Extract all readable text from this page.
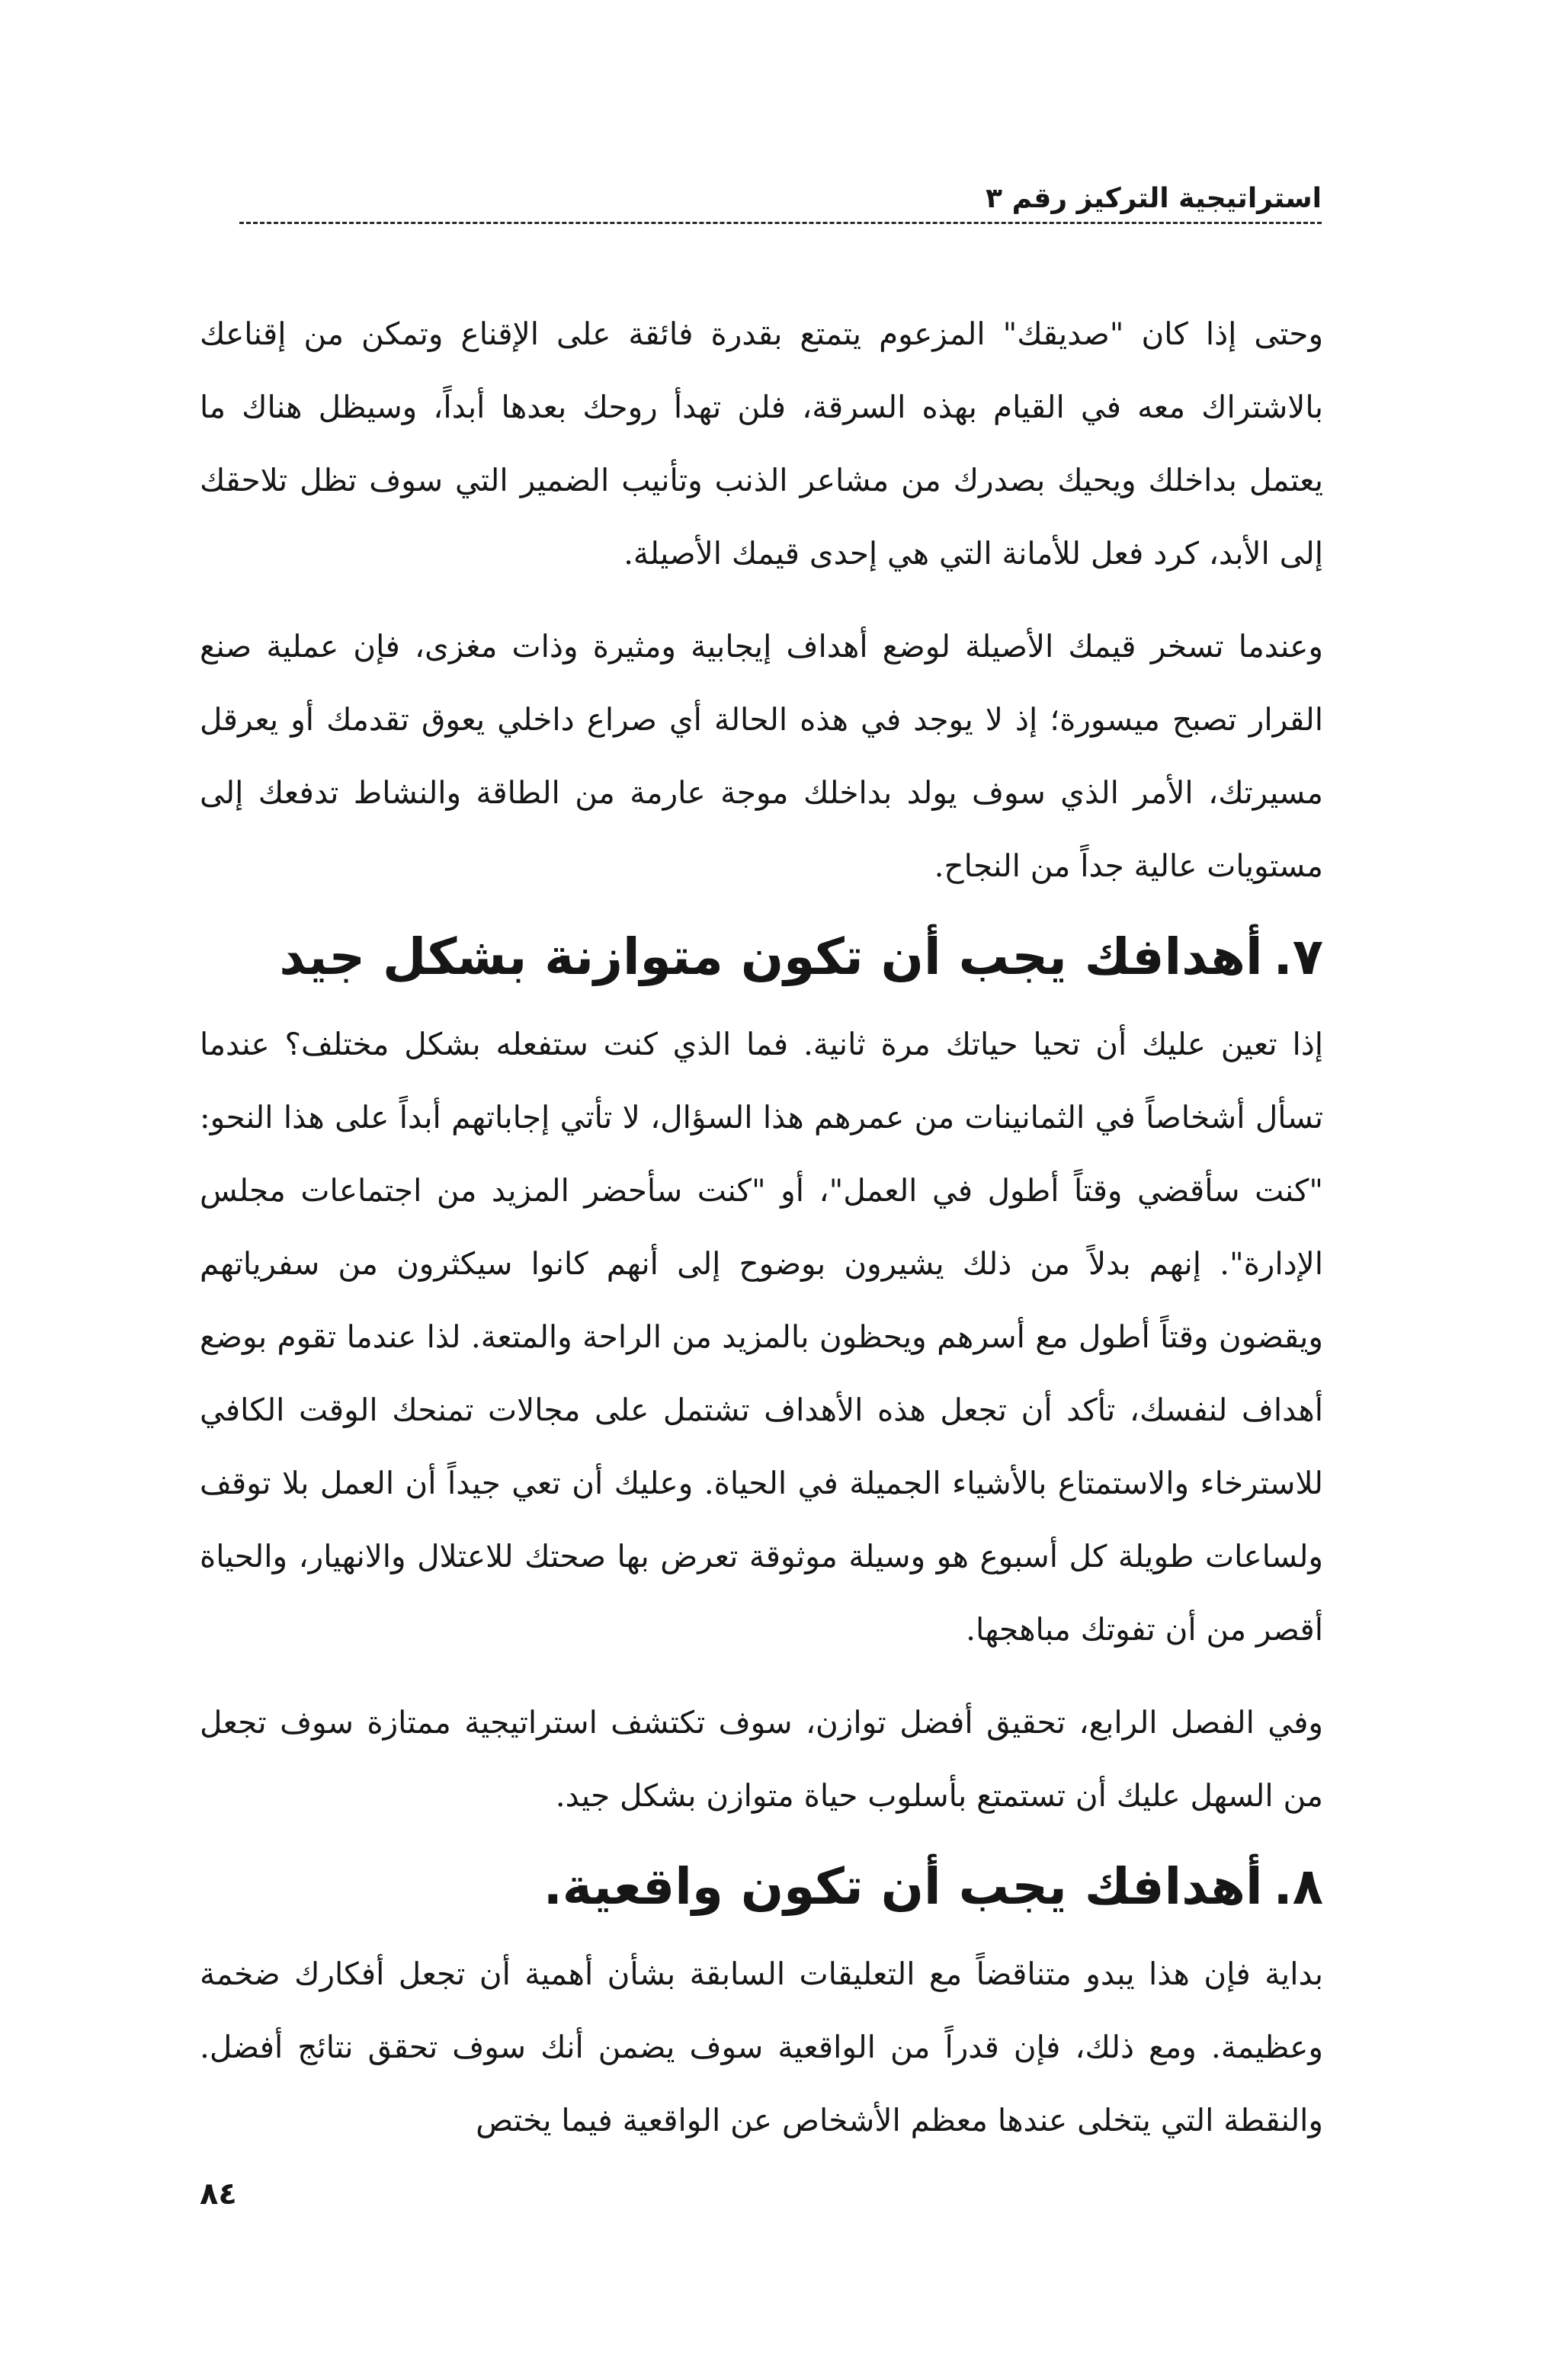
استراتيجية التركيز رقم ٣

وحتى إذا كان "صديقك" المزعوم يتمتع بقدرة فائقة على الإقناع وتمكن من إقناعك بالاشتراك معه في القيام بهذه السرقة، فلن تهدأ روحك بعدها أبداً، وسيظل هناك ما يعتمل بداخلك ويحيك بصدرك من مشاعر الذنب وتأنيب الضمير التي سوف تظل تلاحقك إلى الأبد، كرد فعل للأمانة التي هي إحدى قيمك الأصيلة.

وعندما تسخر قيمك الأصيلة لوضع أهداف إيجابية ومثيرة وذات مغزى، فإن عملية صنع القرار تصبح ميسورة؛ إذ لا يوجد في هذه الحالة أي صراع داخلي يعوق تقدمك أو يعرقل مسيرتك، الأمر الذي سوف يولد بداخلك موجة عارمة من الطاقة والنشاط تدفعك إلى مستويات عالية جداً من النجاح.

٧.أهدافك يجب أن تكون متوازنة بشكل جيد

إذا تعين عليك أن تحيا حياتك مرة ثانية. فما الذي كنت ستفعله بشكل مختلف؟ عندما تسأل أشخاصاً في الثمانينات من عمرهم هذا السؤال، لا تأتي إجاباتهم أبداً على هذا النحو: "كنت سأقضي وقتاً أطول في العمل"، أو "كنت سأحضر المزيد من اجتماعات مجلس الإدارة". إنهم بدلاً من ذلك يشيرون بوضوح إلى أنهم كانوا سيكثرون من سفرياتهم ويقضون وقتاً أطول مع أسرهم ويحظون بالمزيد من الراحة والمتعة. لذا عندما تقوم بوضع أهداف لنفسك، تأكد أن تجعل هذه الأهداف تشتمل على مجالات تمنحك الوقت الكافي للاسترخاء والاستمتاع بالأشياء الجميلة في الحياة. وعليك أن تعي جيداً أن العمل بلا توقف ولساعات طويلة كل أسبوع هو وسيلة موثوقة تعرض بها صحتك للاعتلال والانهيار، والحياة أقصر من أن تفوتك مباهجها.

وفي الفصل الرابع، تحقيق أفضل توازن، سوف تكتشف استراتيجية ممتازة سوف تجعل من السهل عليك أن تستمتع بأسلوب حياة متوازن بشكل جيد.

٨.أهدافك يجب أن تكون واقعية.

بداية فإن هذا يبدو متناقضاً مع التعليقات السابقة بشأن أهمية أن تجعل أفكارك ضخمة وعظيمة. ومع ذلك، فإن قدراً من الواقعية سوف يضمن أنك سوف تحقق نتائج أفضل. والنقطة التي يتخلى عندها معظم الأشخاص عن الواقعية فيما يختص

٨٤
